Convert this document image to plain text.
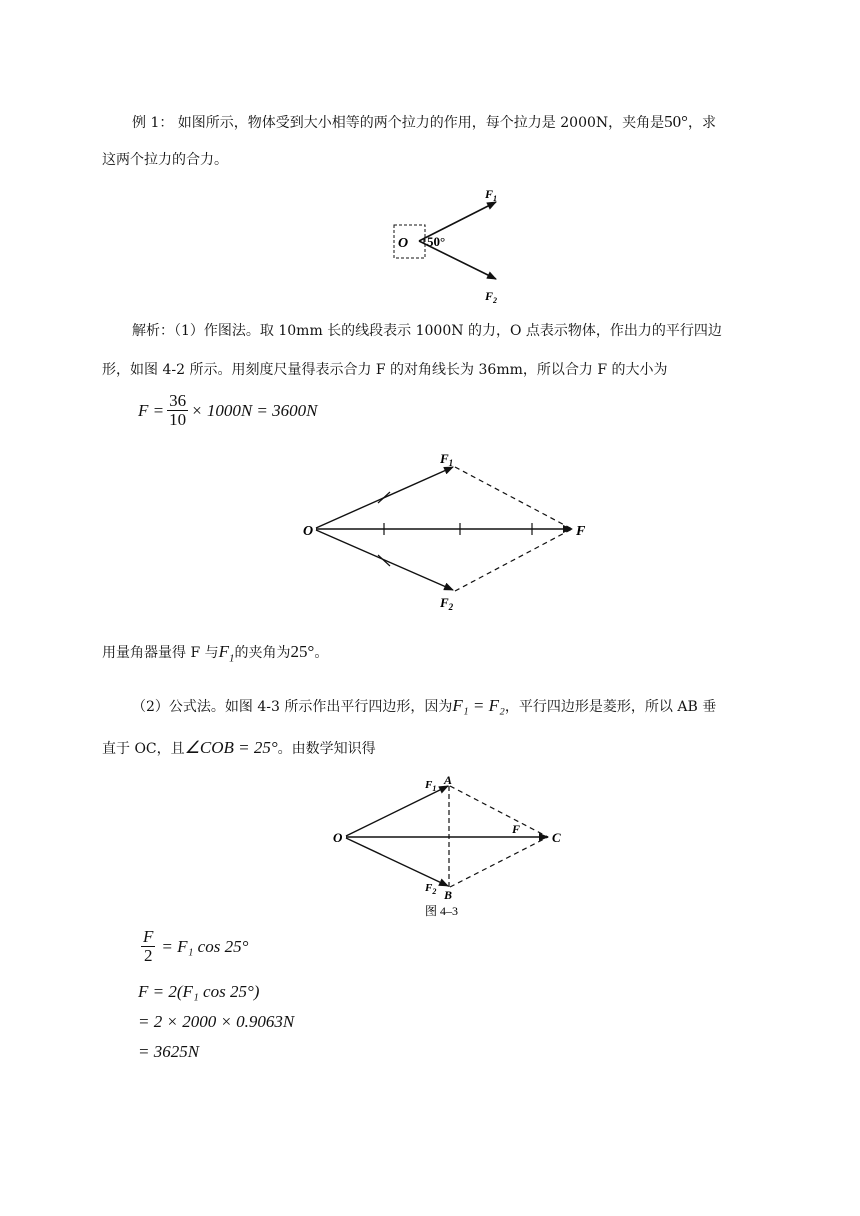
例 1： 如图所示，物体受到大小相等的两个拉力的作用，每个拉力是 2000N，夹角是50°，求
这两个拉力的合力。
O 50°
$F_1$
$F_2$
解析：（1）作图法。取 10mm 长的线段表示 1000N 的力，O 点表示物体，作出力的平行四边
形，如图 4-2 所示。用刻度尺量得表示合力 F 的对角线长为 36mm，所以合力 F 的大小为
$F = \frac{36}{10} \times 1000N = 3600N$
O	F
$F_1$
$F_2$
用量角器量得 F 与$F_1$的夹角为25°。
（2）公式法。如图 4-3 所示作出平行四边形，因为F₁ = F₂，平行四边形是菱形，所以 AB 垂
直于 OC，且∠COB = 25°。由数学知识得
O
A
B
C
F
$F_1$
$F_2$
图 4–3
$\frac{F}{2} = F_1$ cos 25°
F = 2(F₁ cos 25°)
= 2 × 2000 × 0.9063N
= 3625N
